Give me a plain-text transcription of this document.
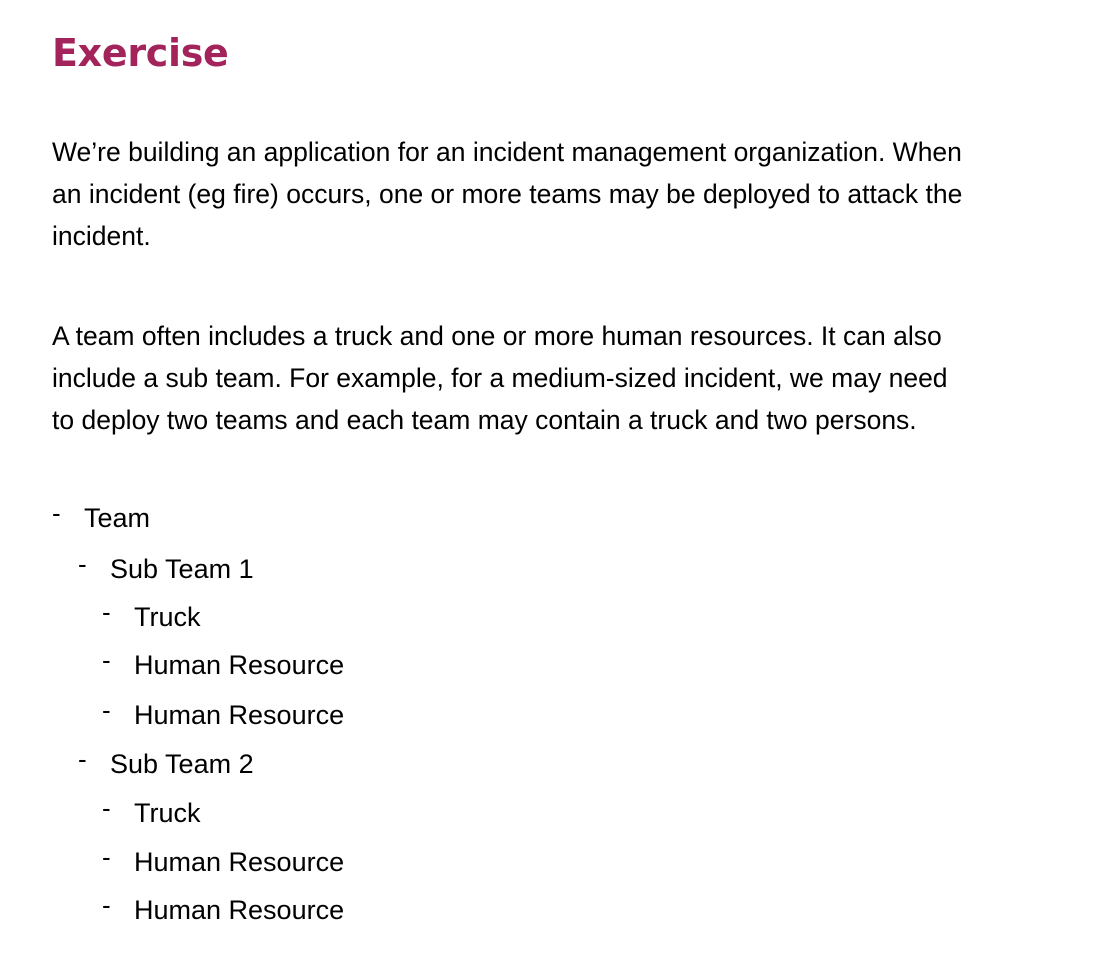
Exercise

We’re building an application for an incident management organization. When
an incident (eg fire) occurs, one or more teams may be deployed to attack the
incident.

A team often includes a truck and one or more human resources. It can also
include a sub team. For example, for a medium-sized incident, we may need
to deploy two teams and each team may contain a truck and two persons.

- Team
- Sub Team 1
- Truck
- Human Resource
- Human Resource
- Sub Team 2
- Truck
- Human Resource
- Human Resource
